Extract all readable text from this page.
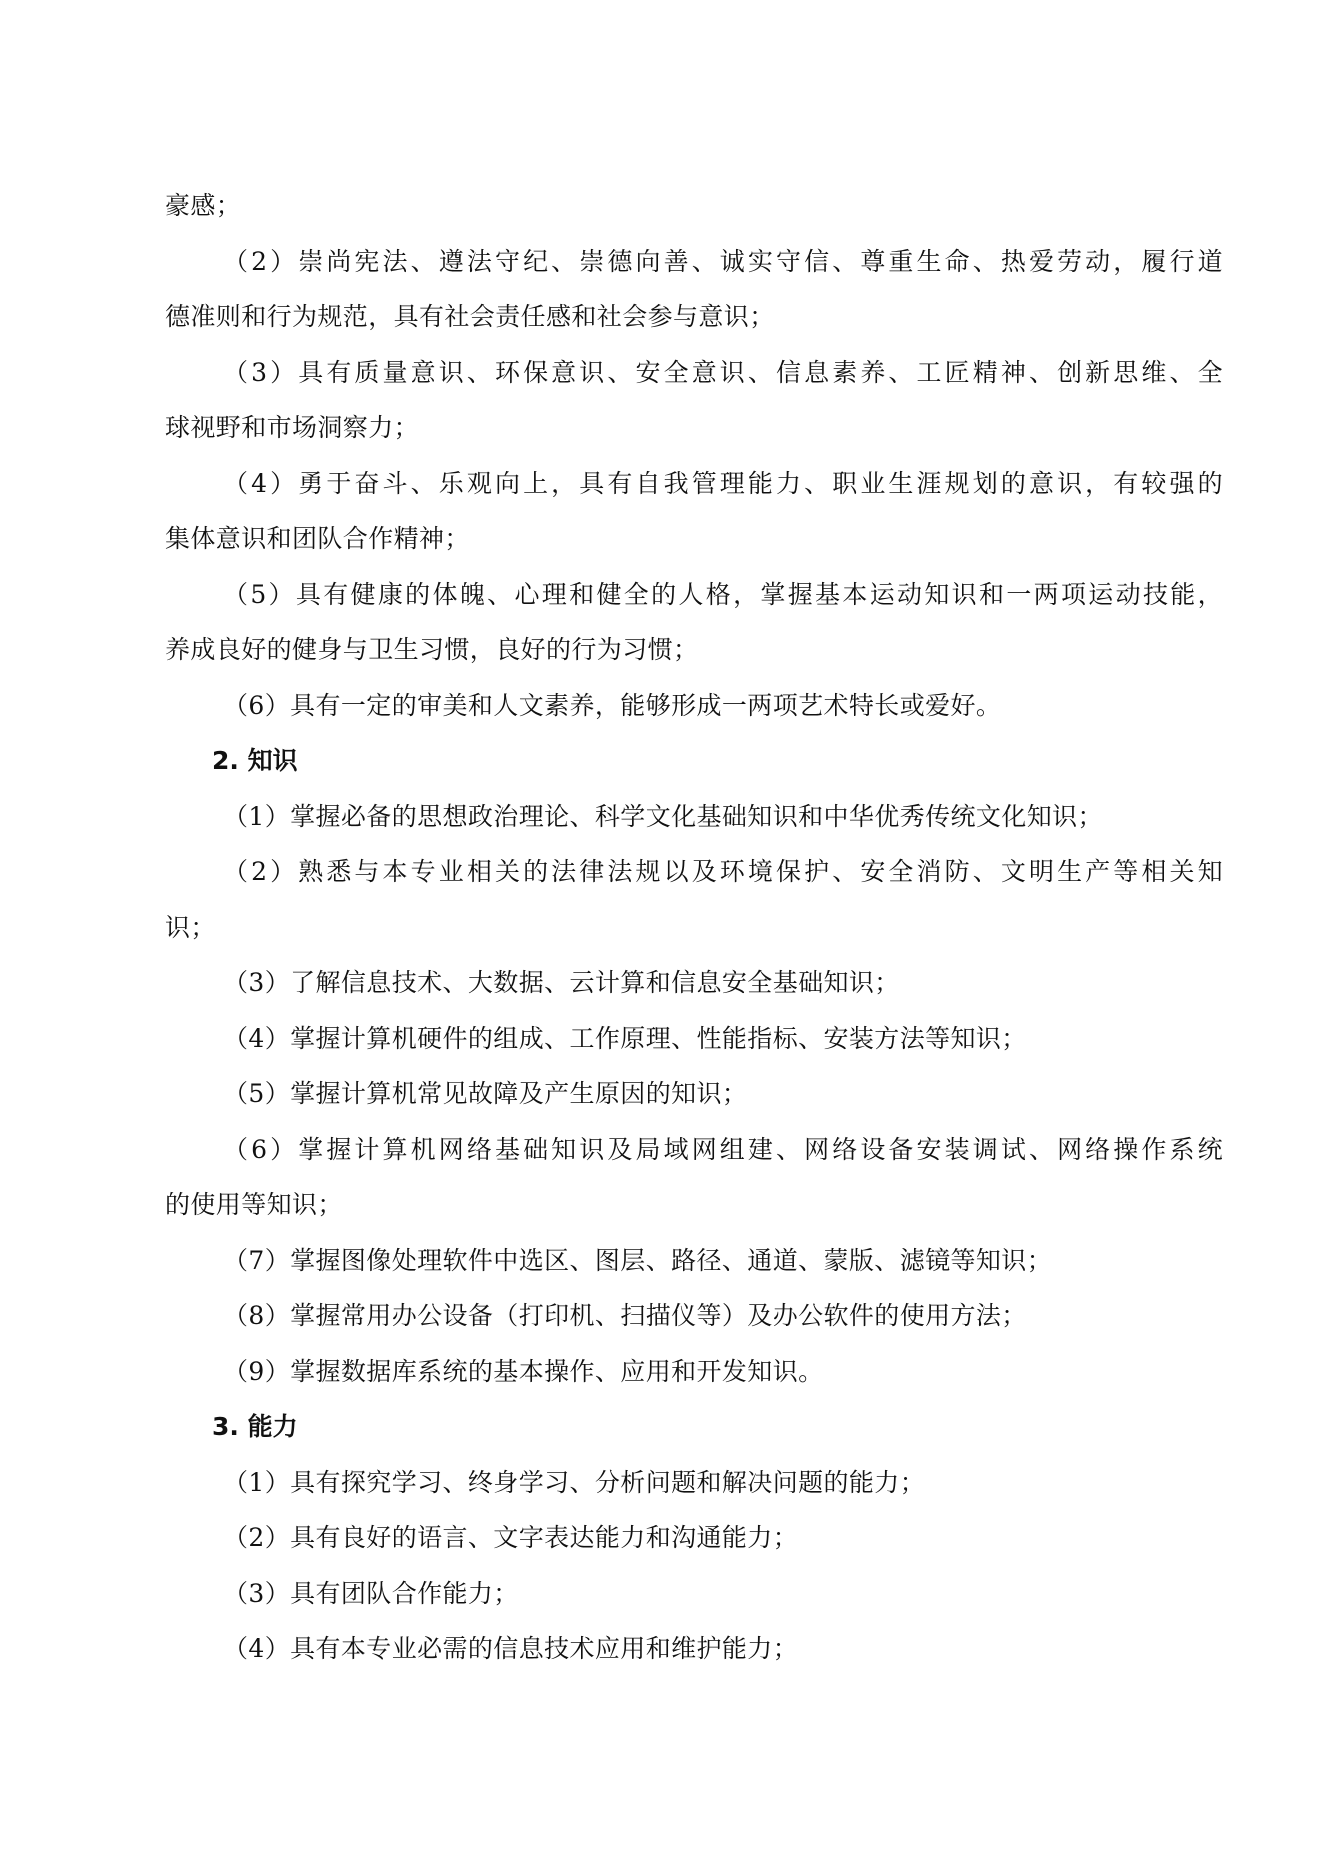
豪感；

（2）崇尚宪法、遵法守纪、崇德向善、诚实守信、尊重生命、热爱劳动，履行道

德准则和行为规范，具有社会责任感和社会参与意识；

（3）具有质量意识、环保意识、安全意识、信息素养、工匠精神、创新思维、全

球视野和市场洞察力；

（4）勇于奋斗、乐观向上，具有自我管理能力、职业生涯规划的意识，有较强的

集体意识和团队合作精神；

（5）具有健康的体魄、心理和健全的人格，掌握基本运动知识和一两项运动技能，

养成良好的健身与卫生习惯，良好的行为习惯；

（6）具有一定的审美和人文素养，能够形成一两项艺术特长或爱好。

2. 知识

（1）掌握必备的思想政治理论、科学文化基础知识和中华优秀传统文化知识；

（2）熟悉与本专业相关的法律法规以及环境保护、安全消防、文明生产等相关知

识；

（3）了解信息技术、大数据、云计算和信息安全基础知识；

（4）掌握计算机硬件的组成、工作原理、性能指标、安装方法等知识；

（5）掌握计算机常见故障及产生原因的知识；

（6）掌握计算机网络基础知识及局域网组建、网络设备安装调试、网络操作系统

的使用等知识；

（7）掌握图像处理软件中选区、图层、路径、通道、蒙版、滤镜等知识；

（8）掌握常用办公设备（打印机、扫描仪等）及办公软件的使用方法；

（9）掌握数据库系统的基本操作、应用和开发知识。

3. 能力

（1）具有探究学习、终身学习、分析问题和解决问题的能力；

（2）具有良好的语言、文字表达能力和沟通能力；

（3）具有团队合作能力；

（4）具有本专业必需的信息技术应用和维护能力；
